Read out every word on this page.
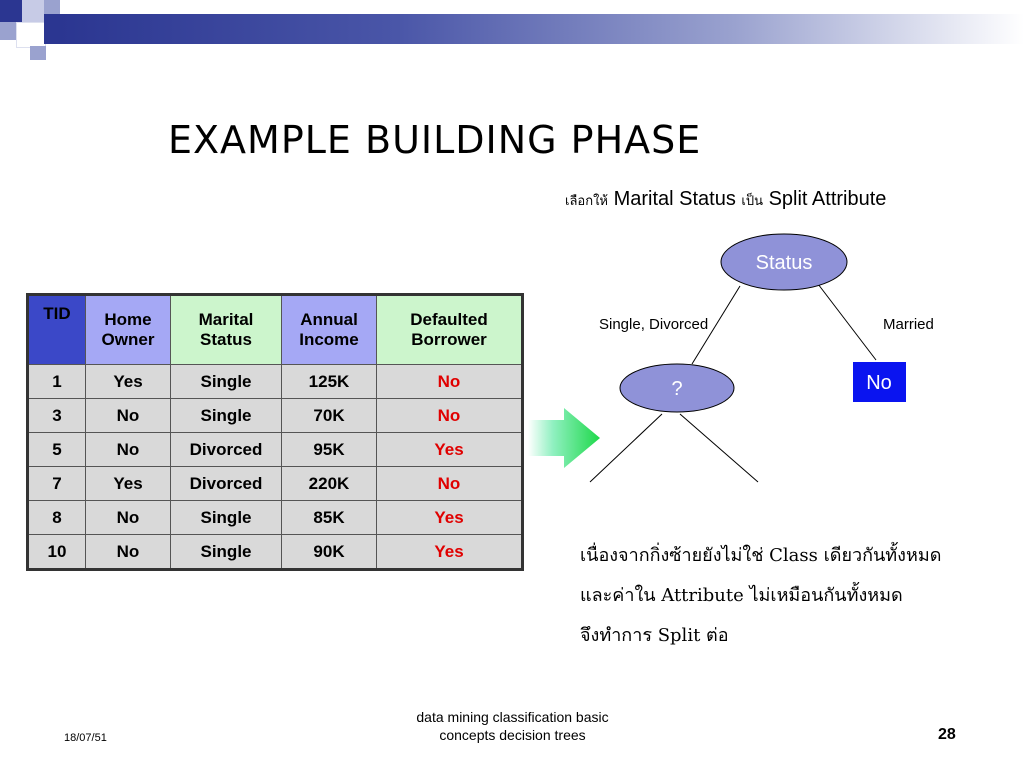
EXAMPLE BUILDING PHASE
เลือกให้ Marital Status เป็น Split Attribute
TID	Home Owner	Marital Status	Annual Income	Defaulted Borrower
1	Yes	Single	125K	No
3	No	Single	70K	No
5	No	Divorced	95K	Yes
7	Yes	Divorced	220K	No
8	No	Single	85K	Yes
10	No	Single	90K	Yes
Status
?	No
Single, Divorced	Married
เนื่องจากกิ่งซ้ายยังไม่ใช่ Class เดียวกันทั้งหมด
และค่าใน Attribute ไม่เหมือนกันทั้งหมด
จึงทำการ Split ต่อ
18/07/51
data mining classification basic
concepts decision trees	28
